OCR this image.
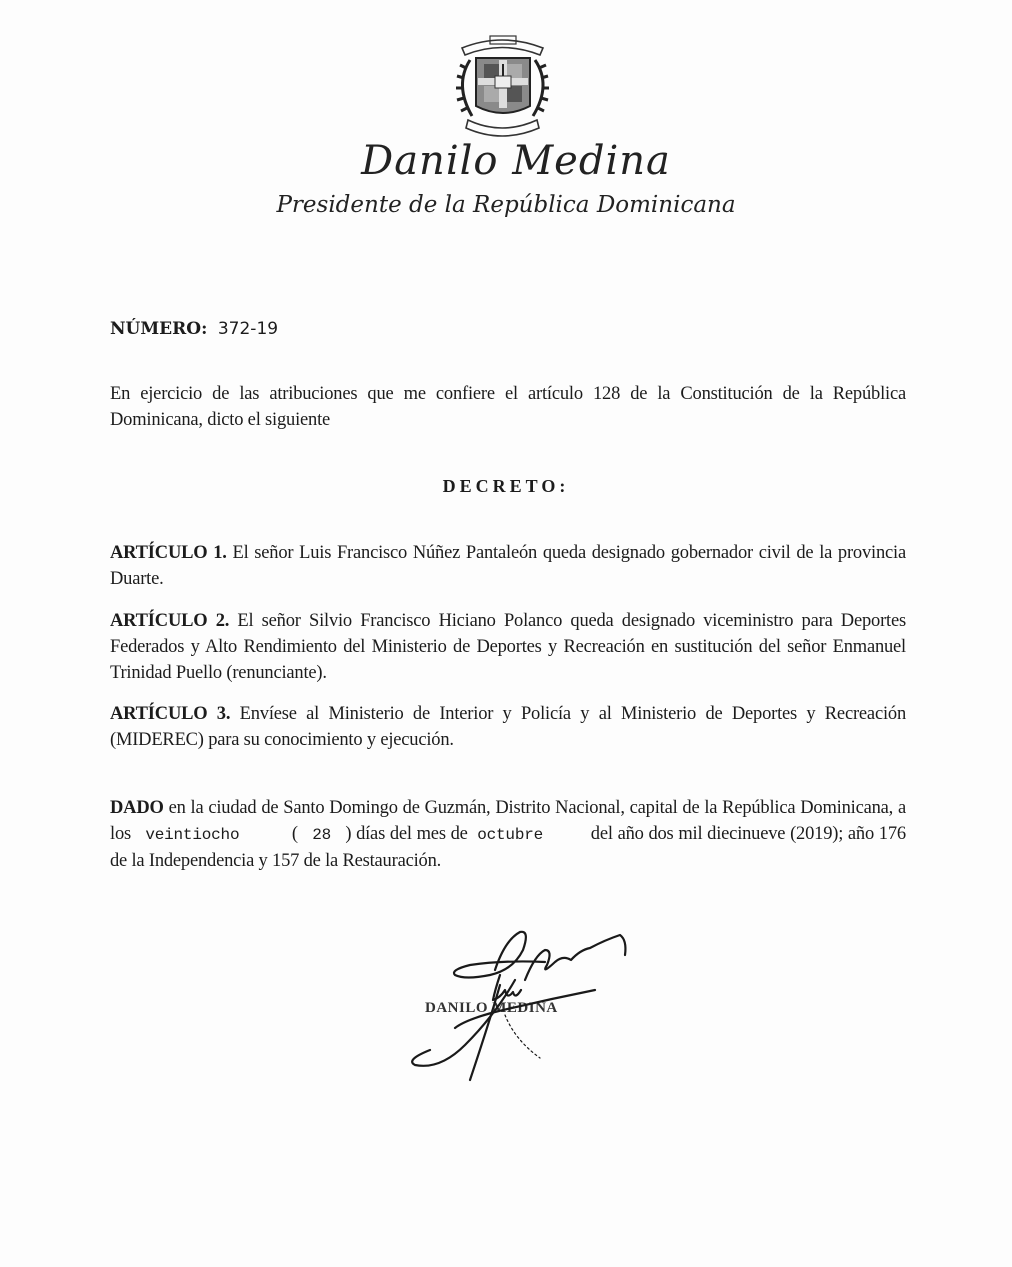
Danilo Medina
Presidente de la República Dominicana
NÚMERO: 372-19
En ejercicio de las atribuciones que me confiere el artículo 128 de la Constitución de la República Dominicana, dicto el siguiente
DECRETO:
ARTÍCULO 1. El señor Luis Francisco Núñez Pantaleón queda designado gobernador civil de la provincia Duarte.
ARTÍCULO 2. El señor Silvio Francisco Hiciano Polanco queda designado viceministro para Deportes Federados y Alto Rendimiento del Ministerio de Deportes y Recreación en sustitución del señor Enmanuel Trinidad Puello (renunciante).
ARTÍCULO 3. Envíese al Ministerio de Interior y Policía y al Ministerio de Deportes y Recreación (MIDEREC) para su conocimiento y ejecución.
DADO en la ciudad de Santo Domingo de Guzmán, Distrito Nacional, capital de la República Dominicana, a los veintiocho	( 28 ) días del mes de octubre	del año dos mil diecinueve (2019); año 176 de la Independencia y 157 de la Restauración.
DANILO MEDINA
